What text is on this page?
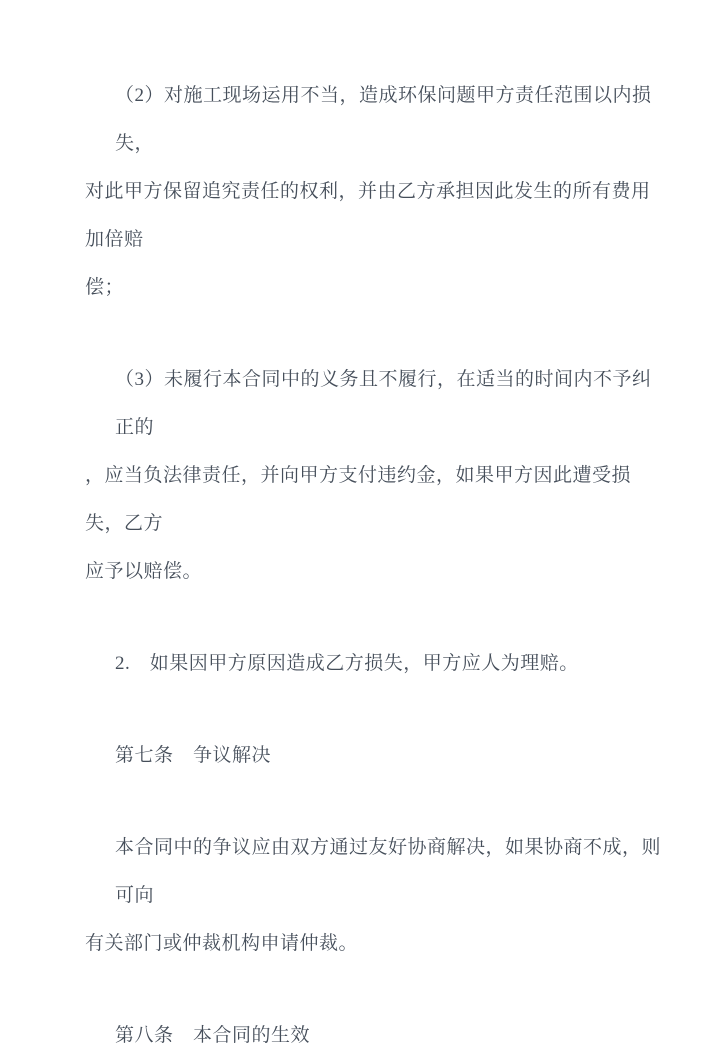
（2）对施工现场运用不当，造成环保问题甲方责任范围以内损失，
对此甲方保留追究责任的权利，并由乙方承担因此发生的所有费用加倍赔
偿；
（3）未履行本合同中的义务且不履行，在适当的时间内不予纠正的
，应当负法律责任，并向甲方支付违约金，如果甲方因此遭受损失，乙方
应予以赔偿。
2.　如果因甲方原因造成乙方损失，甲方应人为理赔。
第七条　争议解决
本合同中的争议应由双方通过友好协商解决，如果协商不成，则可向
有关部门或仲裁机构申请仲裁。
第八条　本合同的生效
